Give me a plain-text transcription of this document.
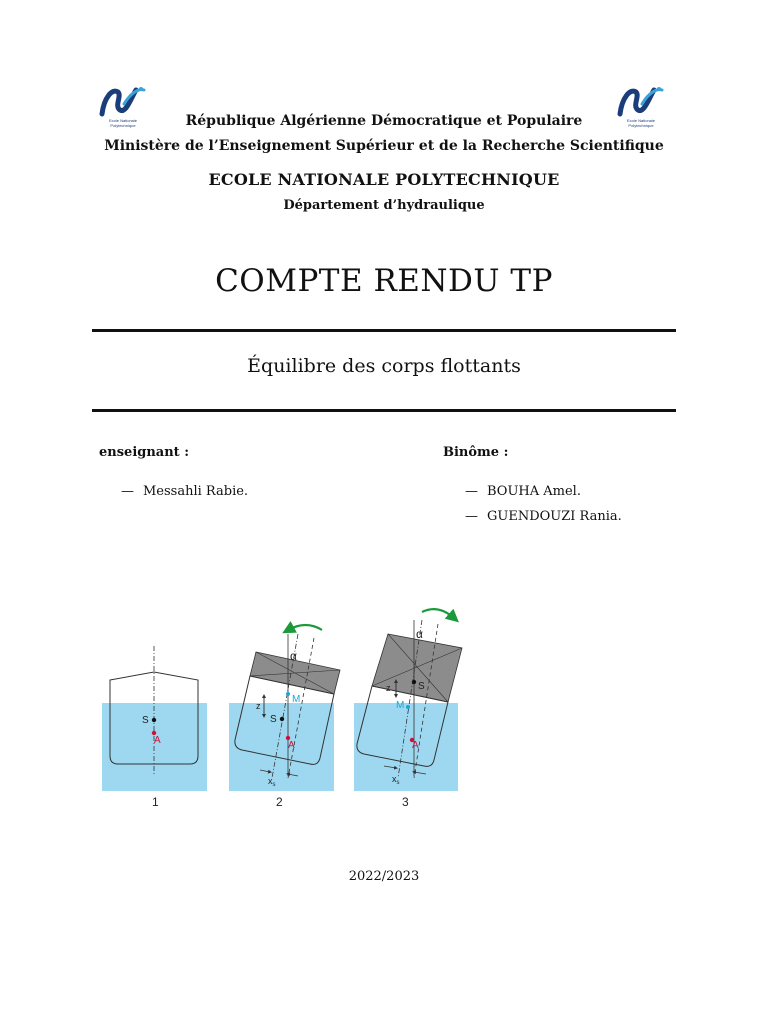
Ecole Nationale Polytechnique
Ecole Nationale Polytechnique
République Algérienne Démocratique et Populaire
Ministère de l’Enseignement Supérieur et de la Recherche Scientifique
ECOLE NATIONALE POLYTECHNIQUE
Département d’hydraulique
COMPTE RENDU TP
Équilibre des corps flottants
enseignant :
— Messahli Rabie.
Binôme :
— BOUHA Amel.
— GUENDOUZI Rania.
S
A
1
α
M
S
A
z
$x_s$
2
α
S
M
A
z
$x_s$
3
2022/2023
